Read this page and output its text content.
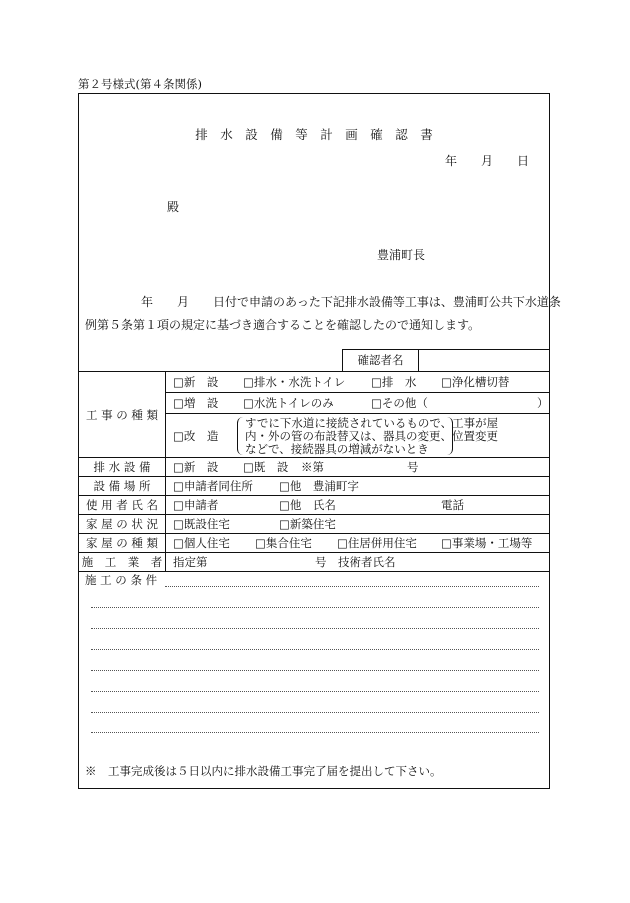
第２号様式(第４条関係)
排　水　設　備　等　計　画　確　認　書
年　　月　　日
殿
豊浦町長
年　　月　　日付で申請のあった下記排水設備等工事は、豊浦町公共下水道条
例第５条第１項の規定に基づき適合することを確認したので通知します。
確認者名
工 事 の 種 類
□新　設 □排水・水洗トイレ □排　水 □浄化槽切替
□増　設 □水洗トイレのみ	□その他（	）
□改　造
すでに下水道に接続されているもので、工事が屋
内・外の管の布設替又は、器具の変更、位置変更
などで、接続器具の増減がないとき
排 水 設 備	□新　設 □既　設 ※第	号
設 備 場 所	□申請者同住所 □他　豊浦町字
使 用 者 氏 名	□申請者	□他　氏名	電話
家 屋 の 状 況	□既設住宅	□新築住宅
家 屋 の 種 類	□個人住宅 □集合住宅 □住居併用住宅 □事業場・工場等
施　工　業　者 指定第	号　技術者氏名
施 工 の 条 件
※　工事完成後は５日以内に排水設備工事完了届を提出して下さい。
